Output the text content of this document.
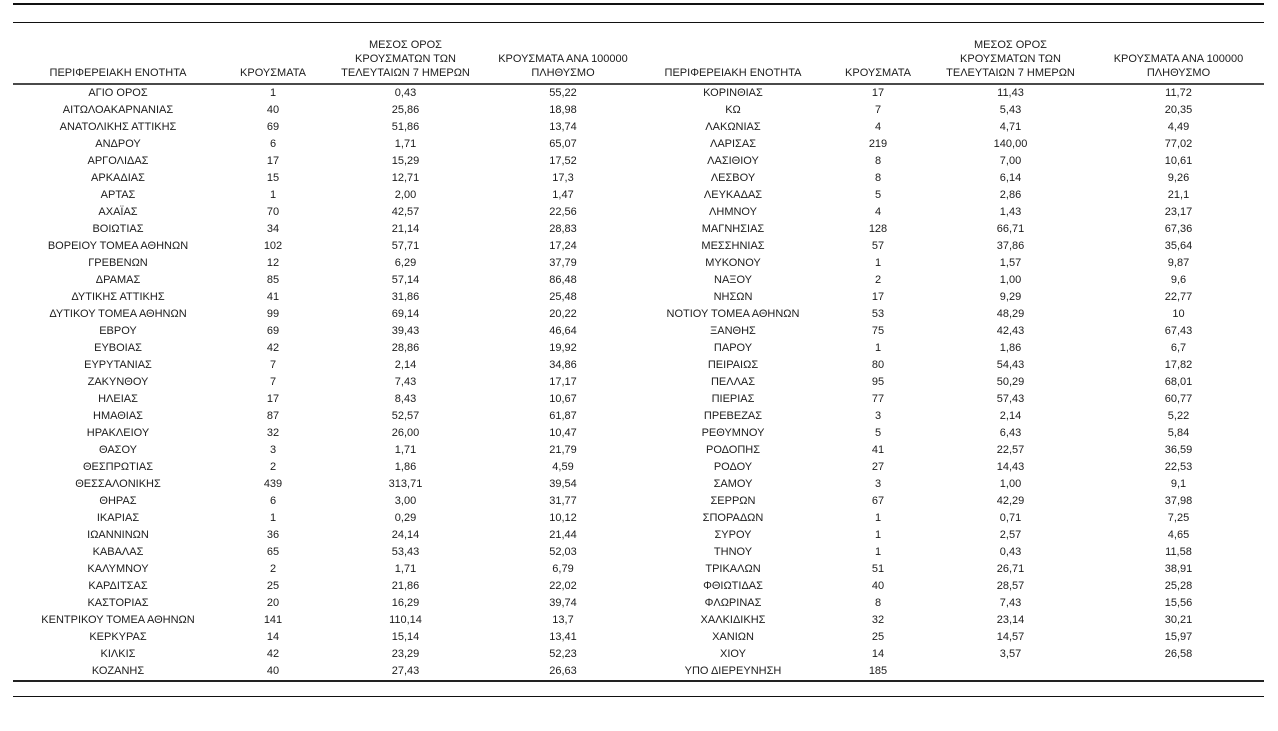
ΠΕΡΙΦΕΡΕΙΑΚΗ ΕΝΟΤΗΤΑ	ΚΡΟΥΣΜΑΤΑ	ΜΕΣΟΣ ΟΡΟΣ
ΚΡΟΥΣΜΑΤΩΝ ΤΩΝ
ΤΕΛΕΥΤΑΙΩΝ 7 ΗΜΕΡΩΝ	ΚΡΟΥΣΜΑΤΑ ΑΝΑ 100000
ΠΛΗΘΥΣΜΟ	ΠΕΡΙΦΕΡΕΙΑΚΗ ΕΝΟΤΗΤΑ	ΚΡΟΥΣΜΑΤΑ	ΜΕΣΟΣ ΟΡΟΣ
ΚΡΟΥΣΜΑΤΩΝ ΤΩΝ
ΤΕΛΕΥΤΑΙΩΝ 7 ΗΜΕΡΩΝ	ΚΡΟΥΣΜΑΤΑ ΑΝΑ 100000
ΠΛΗΘΥΣΜΟ

ΑΓΙΟ ΟΡΟΣ	1	0,43	55,22	ΚΟΡΙΝΘΙΑΣ	17	11,43	11,72
ΑΙΤΩΛΟΑΚΑΡΝΑΝΙΑΣ	40	25,86	18,98	ΚΩ	7	5,43	20,35
ΑΝΑΤΟΛΙΚΗΣ ΑΤΤΙΚΗΣ	69	51,86	13,74	ΛΑΚΩΝΙΑΣ	4	4,71	4,49
ΑΝΔΡΟΥ	6	1,71	65,07	ΛΑΡΙΣΑΣ	219	140,00	77,02
ΑΡΓΟΛΙΔΑΣ	17	15,29	17,52	ΛΑΣΙΘΙΟΥ	8	7,00	10,61
ΑΡΚΑΔΙΑΣ	15	12,71	17,3	ΛΕΣΒΟΥ	8	6,14	9,26
ΑΡΤΑΣ	1	2,00	1,47	ΛΕΥΚΑΔΑΣ	5	2,86	21,1
ΑΧΑΪΑΣ	70	42,57	22,56	ΛΗΜΝΟΥ	4	1,43	23,17
ΒΟΙΩΤΙΑΣ	34	21,14	28,83	ΜΑΓΝΗΣΙΑΣ	128	66,71	67,36
ΒΟΡΕΙΟΥ ΤΟΜΕΑ ΑΘΗΝΩΝ	102	57,71	17,24	ΜΕΣΣΗΝΙΑΣ	57	37,86	35,64
ΓΡΕΒΕΝΩΝ	12	6,29	37,79	ΜΥΚΟΝΟΥ	1	1,57	9,87
ΔΡΑΜΑΣ	85	57,14	86,48	ΝΑΞΟΥ	2	1,00	9,6
ΔΥΤΙΚΗΣ ΑΤΤΙΚΗΣ	41	31,86	25,48	ΝΗΣΩΝ	17	9,29	22,77
ΔΥΤΙΚΟΥ ΤΟΜΕΑ ΑΘΗΝΩΝ	99	69,14	20,22	ΝΟΤΙΟΥ ΤΟΜΕΑ ΑΘΗΝΩΝ	53	48,29	10
ΕΒΡΟΥ	69	39,43	46,64	ΞΑΝΘΗΣ	75	42,43	67,43
ΕΥΒΟΙΑΣ	42	28,86	19,92	ΠΑΡΟΥ	1	1,86	6,7
ΕΥΡΥΤΑΝΙΑΣ	7	2,14	34,86	ΠΕΙΡΑΙΩΣ	80	54,43	17,82
ΖΑΚΥΝΘΟΥ	7	7,43	17,17	ΠΕΛΛΑΣ	95	50,29	68,01
ΗΛΕΙΑΣ	17	8,43	10,67	ΠΙΕΡΙΑΣ	77	57,43	60,77
ΗΜΑΘΙΑΣ	87	52,57	61,87	ΠΡΕΒΕΖΑΣ	3	2,14	5,22
ΗΡΑΚΛΕΙΟΥ	32	26,00	10,47	ΡΕΘΥΜΝΟΥ	5	6,43	5,84
ΘΑΣΟΥ	3	1,71	21,79	ΡΟΔΟΠΗΣ	41	22,57	36,59
ΘΕΣΠΡΩΤΙΑΣ	2	1,86	4,59	ΡΟΔΟΥ	27	14,43	22,53
ΘΕΣΣΑΛΟΝΙΚΗΣ	439	313,71	39,54	ΣΑΜΟΥ	3	1,00	9,1
ΘΗΡΑΣ	6	3,00	31,77	ΣΕΡΡΩΝ	67	42,29	37,98
ΙΚΑΡΙΑΣ	1	0,29	10,12	ΣΠΟΡΑΔΩΝ	1	0,71	7,25
ΙΩΑΝΝΙΝΩΝ	36	24,14	21,44	ΣΥΡΟΥ	1	2,57	4,65
ΚΑΒΑΛΑΣ	65	53,43	52,03	ΤΗΝΟΥ	1	0,43	11,58
ΚΑΛΥΜΝΟΥ	2	1,71	6,79	ΤΡΙΚΑΛΩΝ	51	26,71	38,91
ΚΑΡΔΙΤΣΑΣ	25	21,86	22,02	ΦΘΙΩΤΙΔΑΣ	40	28,57	25,28
ΚΑΣΤΟΡΙΑΣ	20	16,29	39,74	ΦΛΩΡΙΝΑΣ	8	7,43	15,56
ΚΕΝΤΡΙΚΟΥ ΤΟΜΕΑ ΑΘΗΝΩΝ	141	110,14	13,7	ΧΑΛΚΙΔΙΚΗΣ	32	23,14	30,21
ΚΕΡΚΥΡΑΣ	14	15,14	13,41	ΧΑΝΙΩΝ	25	14,57	15,97
ΚΙΛΚΙΣ	42	23,29	52,23	ΧΙΟΥ	14	3,57	26,58
ΚΟΖΑΝΗΣ	40	27,43	26,63	ΥΠΟ ΔΙΕΡΕΥΝΗΣΗ	185		
